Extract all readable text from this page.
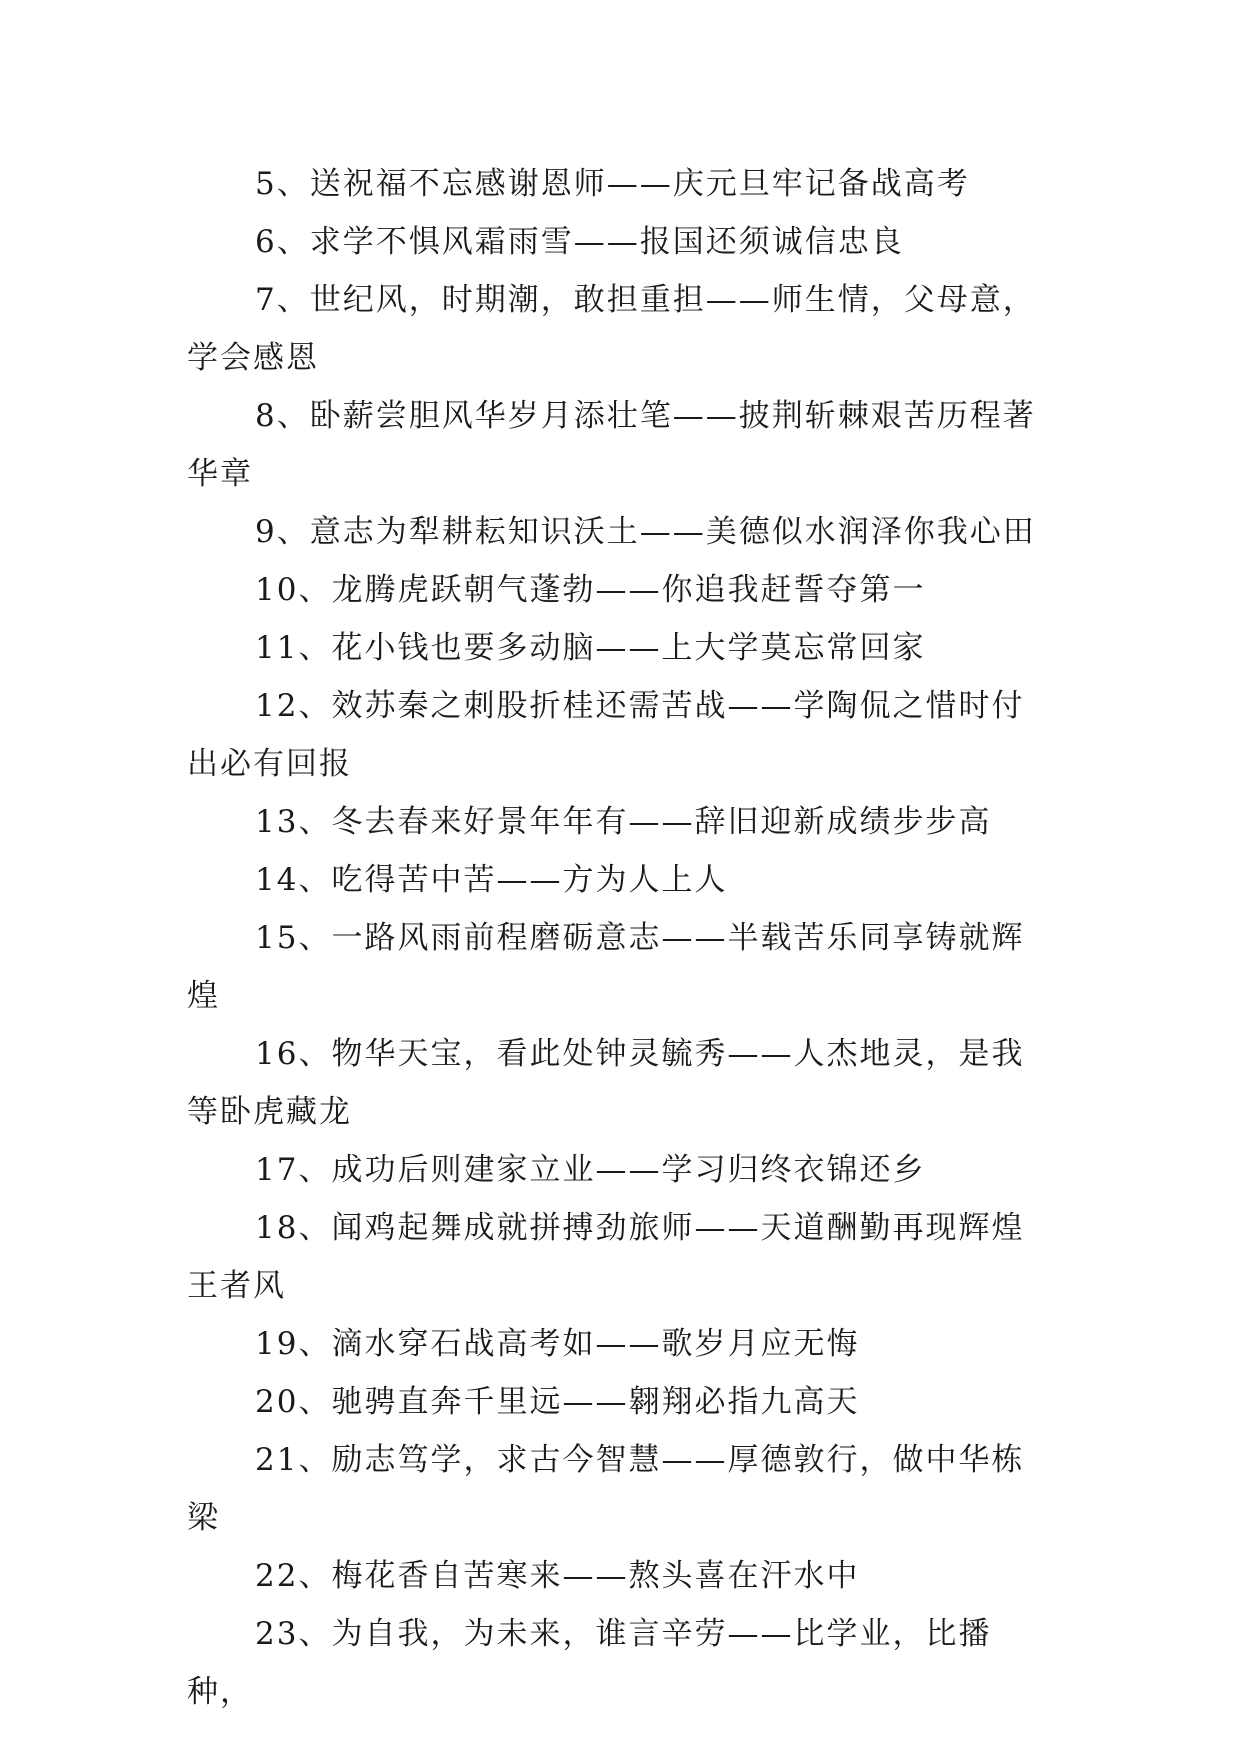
5、送祝福不忘感谢恩师——庆元旦牢记备战高考

6、求学不惧风霜雨雪——报国还须诚信忠良

7、世纪风，时期潮，敢担重担——师生情，父母意，学会感恩

8、卧薪尝胆风华岁月添壮笔——披荆斩棘艰苦历程著华章

9、意志为犁耕耘知识沃土——美德似水润泽你我心田

10、龙腾虎跃朝气蓬勃——你追我赶誓夺第一

11、花小钱也要多动脑——上大学莫忘常回家

12、效苏秦之刺股折桂还需苦战——学陶侃之惜时付出必有回报

13、冬去春来好景年年有——辞旧迎新成绩步步高

14、吃得苦中苦——方为人上人

15、一路风雨前程磨砺意志——半载苦乐同享铸就辉煌

16、物华天宝，看此处钟灵毓秀——人杰地灵，是我等卧虎藏龙

17、成功后则建家立业——学习归终衣锦还乡

18、闻鸡起舞成就拼搏劲旅师——天道酬勤再现辉煌王者风

19、滴水穿石战高考如——歌岁月应无悔

20、驰骋直奔千里远——翱翔必指九高天

21、励志笃学，求古今智慧——厚德敦行，做中华栋梁

22、梅花香自苦寒来——熬头喜在汗水中

23、为自我，为未来，谁言辛劳——比学业，比播种，
